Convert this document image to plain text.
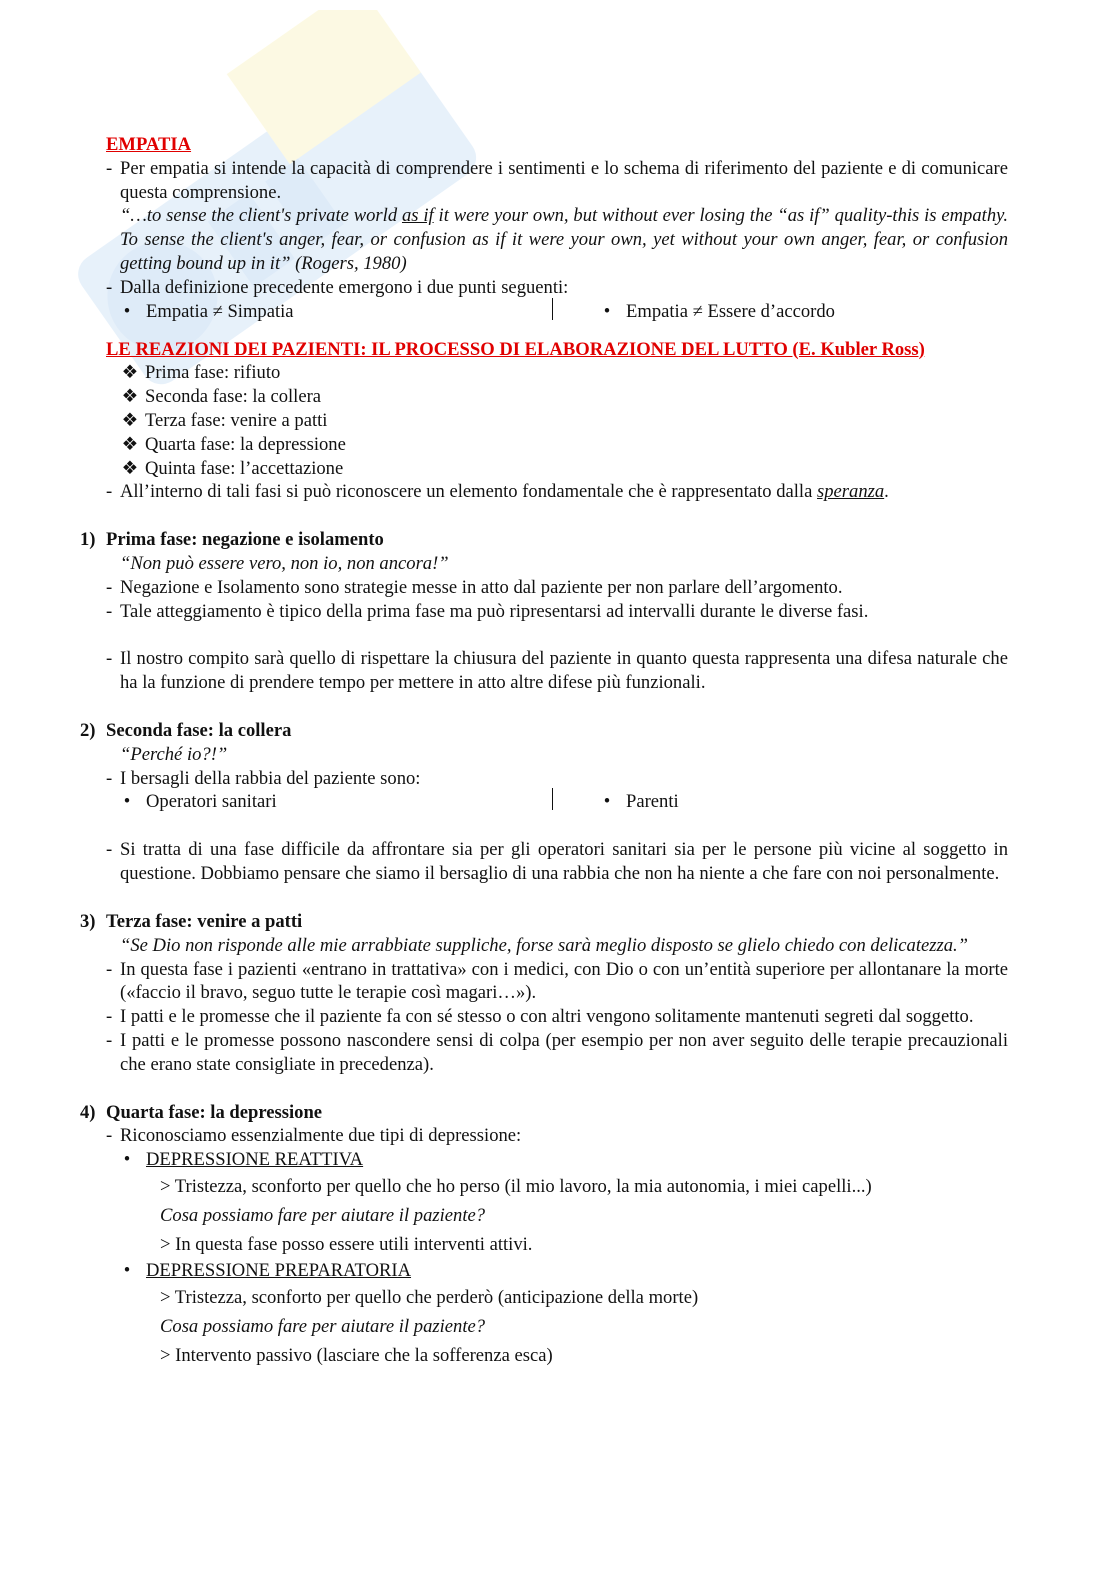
EMPATIA
- Per empatia si intende la capacità di comprendere i sentimenti e lo schema di riferimento del paziente e di comunicare questa comprensione.
“…to sense the client's private world as if it were your own, but without ever losing the “as if” quality-this is empathy. To sense the client's anger, fear, or confusion as if it were your own, yet without your own anger, fear, or confusion getting bound up in it” (Rogers, 1980)
- Dalla definizione precedente emergono i due punti seguenti:
• Empatia ≠ Simpatia	• Empatia ≠ Essere d’accordo
LE REAZIONI DEI PAZIENTI: IL PROCESSO DI ELABORAZIONE DEL LUTTO (E. Kubler Ross)
❖ Prima fase: rifiuto
❖ Seconda fase: la collera
❖ Terza fase: venire a patti
❖ Quarta fase: la depressione
❖ Quinta fase: l’accettazione
- All’interno di tali fasi si può riconoscere un elemento fondamentale che è rappresentato dalla speranza.
1) Prima fase: negazione e isolamento
“Non può essere vero, non io, non ancora!”
- Negazione e Isolamento sono strategie messe in atto dal paziente per non parlare dell’argomento.
- Tale atteggiamento è tipico della prima fase ma può ripresentarsi ad intervalli durante le diverse fasi.
- Il nostro compito sarà quello di rispettare la chiusura del paziente in quanto questa rappresenta una difesa naturale che ha la funzione di prendere tempo per mettere in atto altre difese più funzionali.
2) Seconda fase: la collera
“Perché io?!”
- I bersagli della rabbia del paziente sono:
• Operatori sanitari	• Parenti
- Si tratta di una fase difficile da affrontare sia per gli operatori sanitari sia per le persone più vicine al soggetto in questione. Dobbiamo pensare che siamo il bersaglio di una rabbia che non ha niente a che fare con noi personalmente.
3) Terza fase: venire a patti
“Se Dio non risponde alle mie arrabbiate suppliche, forse sarà meglio disposto se glielo chiedo con delicatezza.”
- In questa fase i pazienti «entrano in trattativa» con i medici, con Dio o con un’entità superiore per allontanare la morte («faccio il bravo, seguo tutte le terapie così magari…»).
- I patti e le promesse che il paziente fa con sé stesso o con altri vengono solitamente mantenuti segreti dal soggetto.
- I patti e le promesse possono nascondere sensi di colpa (per esempio per non aver seguito delle terapie precauzionali che erano state consigliate in precedenza).
4) Quarta fase: la depressione
- Riconosciamo essenzialmente due tipi di depressione:
• DEPRESSIONE REATTIVA
> Tristezza, sconforto per quello che ho perso (il mio lavoro, la mia autonomia, i miei capelli...)
Cosa possiamo fare per aiutare il paziente?
> In questa fase posso essere utili interventi attivi.
• DEPRESSIONE PREPARATORIA
> Tristezza, sconforto per quello che perderò (anticipazione della morte)
Cosa possiamo fare per aiutare il paziente?
> Intervento passivo (lasciare che la sofferenza esca)
